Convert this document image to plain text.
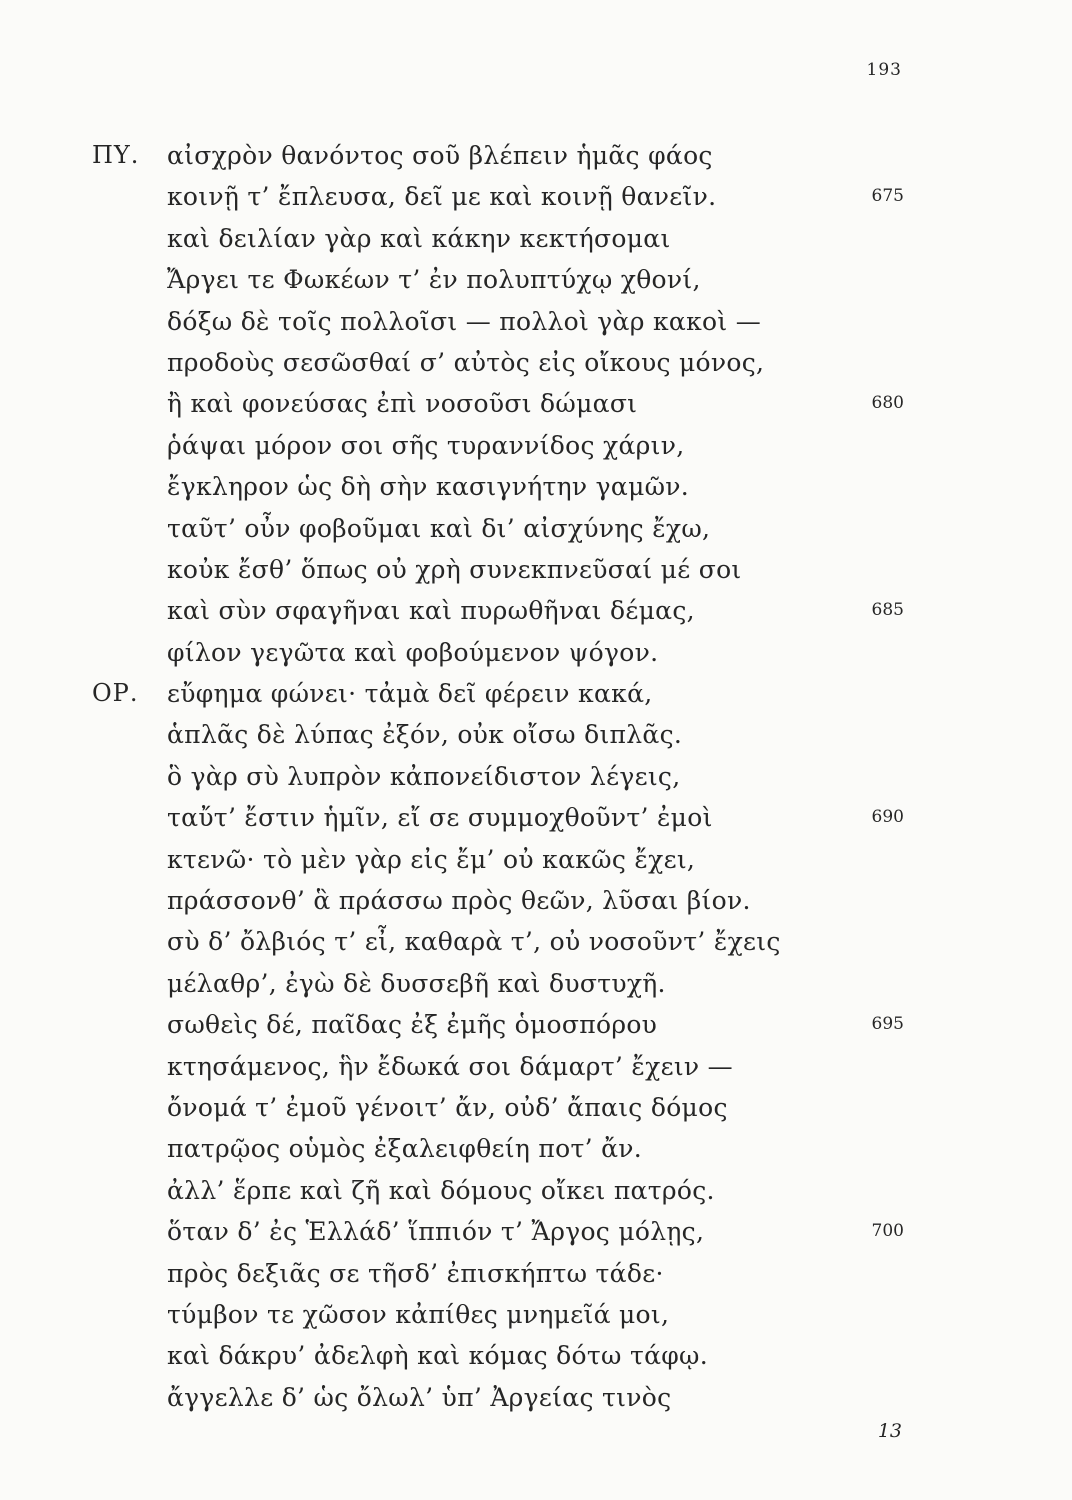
193
ΠΥ. αἰσχρὸν θανόντος σοῦ βλέπειν ἡμᾶς φάος
κοινῇ τ’ ἔπλευσα, δεῖ με καὶ κοινῇ θανεῖν.	675
καὶ δειλίαν γὰρ καὶ κάκην κεκτήσομαι
Ἄργει τε Φωκέων τ’ ἐν πολυπτύχῳ χθονί,
δόξω δὲ τοῖς πολλοῖσι — πολλοὶ γὰρ κακοὶ —
προδοὺς σεσῶσθαί σ’ αὐτὸς εἰς οἴκους μόνος,
ἢ καὶ φονεύσας ἐπὶ νοσοῦσι δώμασι	680
ῥάψαι μόρον σοι σῆς τυραννίδος χάριν,
ἔγκληρον ὡς δὴ σὴν κασιγνήτην γαμῶν.
ταῦτ’ οὖν φοβοῦμαι καὶ δι’ αἰσχύνης ἔχω,
κοὐκ ἔσθ’ ὅπως οὐ χρὴ συνεκπνεῦσαί μέ σοι
καὶ σὺν σφαγῆναι καὶ πυρωθῆναι δέμας,	685
φίλον γεγῶτα καὶ φοβούμενον ψόγον.
ΟΡ. εὔφημα φώνει· τἀμὰ δεῖ φέρειν κακά,
ἁπλᾶς δὲ λύπας ἐξόν, οὐκ οἴσω διπλᾶς.
ὃ γὰρ σὺ λυπρὸν κἀπονείδιστον λέγεις,
ταὔτ’ ἔστιν ἡμῖν, εἴ σε συμμοχθοῦντ’ ἐμοὶ	690
κτενῶ· τὸ μὲν γὰρ εἰς ἔμ’ οὐ κακῶς ἔχει,
πράσσονθ’ ἃ πράσσω πρὸς θεῶν, λῦσαι βίον.
σὺ δ’ ὄλβιός τ’ εἶ, καθαρὰ τ’, οὐ νοσοῦντ’ ἔχεις
μέλαθρ’, ἐγὼ δὲ δυσσεβῆ καὶ δυστυχῆ.
σωθεὶς δέ, παῖδας ἐξ ἐμῆς ὁμοσπόρου	695
κτησάμενος, ἣν ἔδωκά σοι δάμαρτ’ ἔχειν —
ὄνομά τ’ ἐμοῦ γένοιτ’ ἄν, οὐδ’ ἄπαις δόμος
πατρῷος οὑμὸς ἐξαλειφθείη ποτ’ ἄν.
ἀλλ’ ἕρπε καὶ ζῆ καὶ δόμους οἴκει πατρός.
ὅταν δ’ ἐς Ἑλλάδ’ ἵππιόν τ’ Ἄργος μόλῃς,	700
πρὸς δεξιᾶς σε τῆσδ’ ἐπισκήπτω τάδε·
τύμβον τε χῶσον κἀπίθες μνημεῖά μοι,
καὶ δάκρυ’ ἀδελφὴ καὶ κόμας δότω τάφῳ.
ἄγγελλε δ’ ὡς ὄλωλ’ ὑπ’ Ἀργείας τινὸς
13
